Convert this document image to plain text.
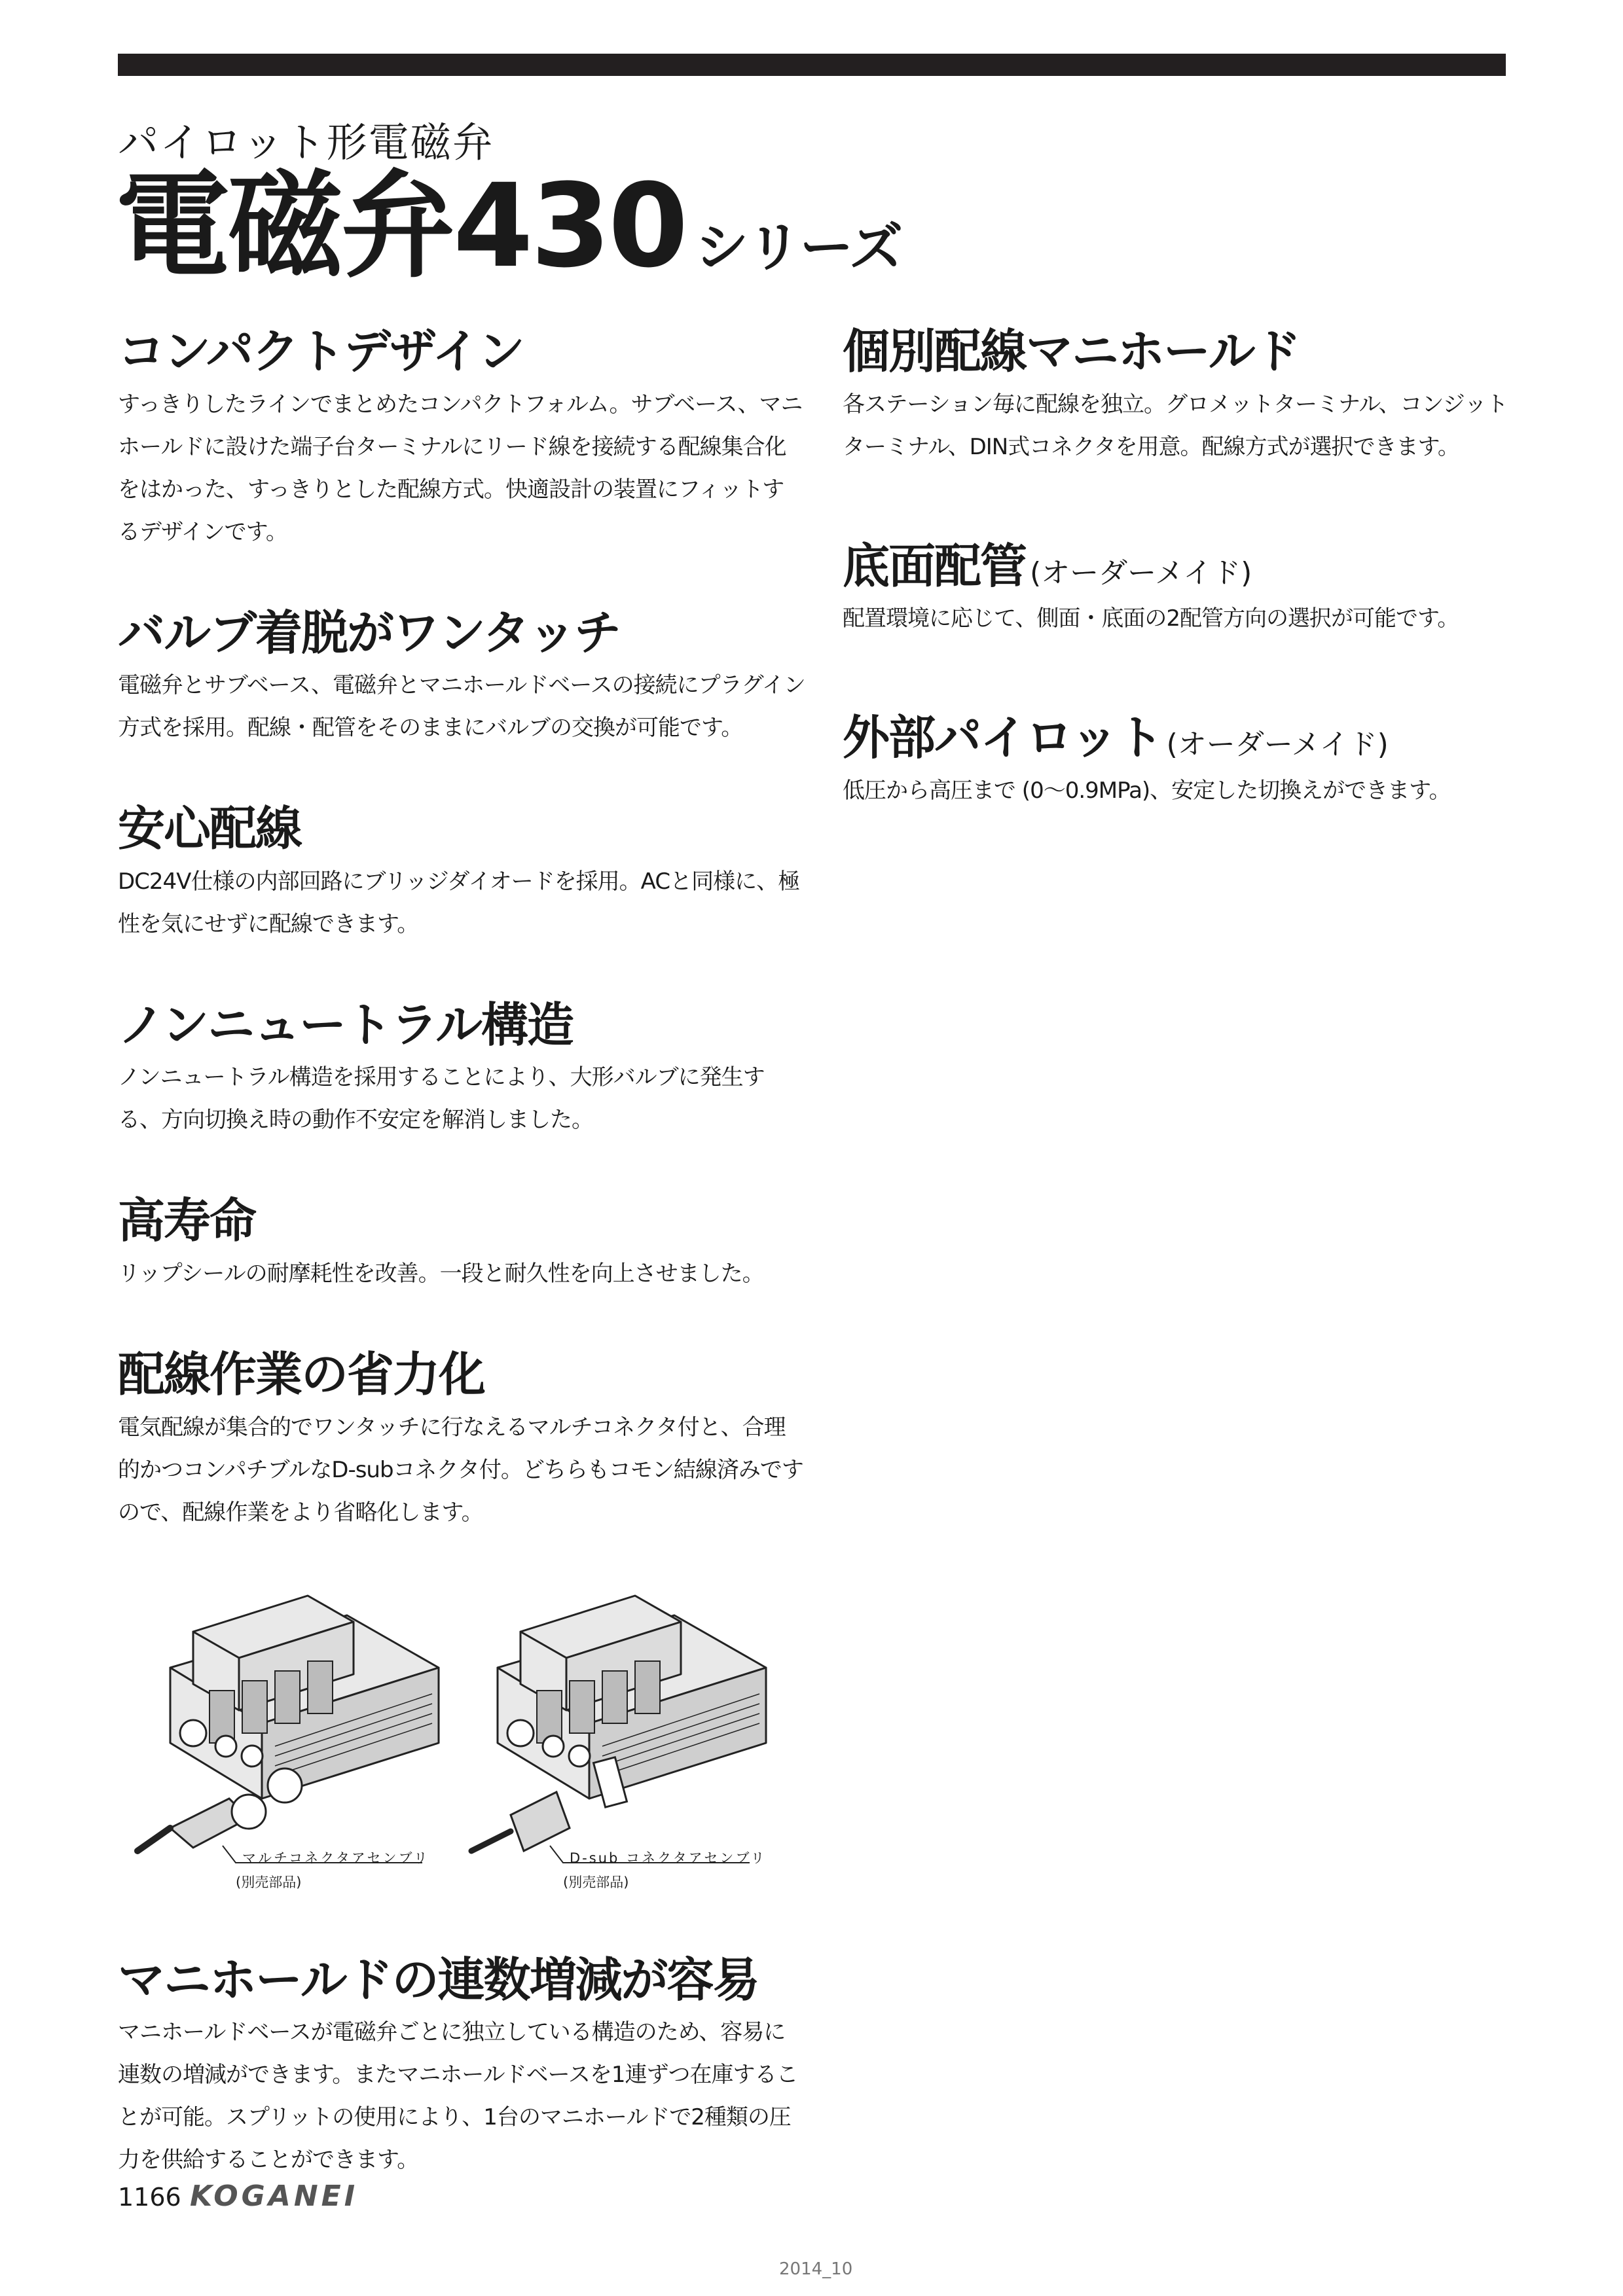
パイロット形電磁弁
電磁弁430 シリーズ
コンパクトデザイン

すっきりしたラインでまとめたコンパクトフォルム。サブベース、マニホールドに設けた端子台ターミナルにリード線を接続する配線集合化をはかった、すっきりとした配線方式。快適設計の装置にフィットするデザインです。

バルブ着脱がワンタッチ

電磁弁とサブベース、電磁弁とマニホールドベースの接続にプラグイン方式を採用。配線・配管をそのままにバルブの交換が可能です。

安心配線

DC24V仕様の内部回路にブリッジダイオードを採用。ACと同様に、極性を気にせずに配線できます。

ノンニュートラル構造

ノンニュートラル構造を採用することにより、大形バルブに発生する、方向切換え時の動作不安定を解消しました。

高寿命

リップシールの耐摩耗性を改善。一段と耐久性を向上させました。

配線作業の省力化

電気配線が集合的でワンタッチに行なえるマルチコネクタ付と、合理的かつコンパチブルなD-subコネクタ付。どちらもコモン結線済みですので、配線作業をより省略化します。

マルチコネクタアセンブリ
(別売部品)
D-sub コネクタアセンブリ
(別売部品)
マニホールドの連数増減が容易

マニホールドベースが電磁弁ごとに独立している構造のため、容易に連数の増減ができます。またマニホールドベースを1連ずつ在庫することが可能。スプリットの使用により、1台のマニホールドで2種類の圧力を供給することができます。

個別配線マニホールド

各ステーション毎に配線を独立。グロメットターミナル、コンジットターミナル、DIN式コネクタを用意。配線方式が選択できます。

底面配管 (オーダーメイド)

配置環境に応じて、側面・底面の2配管方向の選択が可能です。

外部パイロット (オーダーメイド)

低圧から高圧まで (0〜0.9MPa)、安定した切換えができます。

1166 KOGANEI
2014_10
